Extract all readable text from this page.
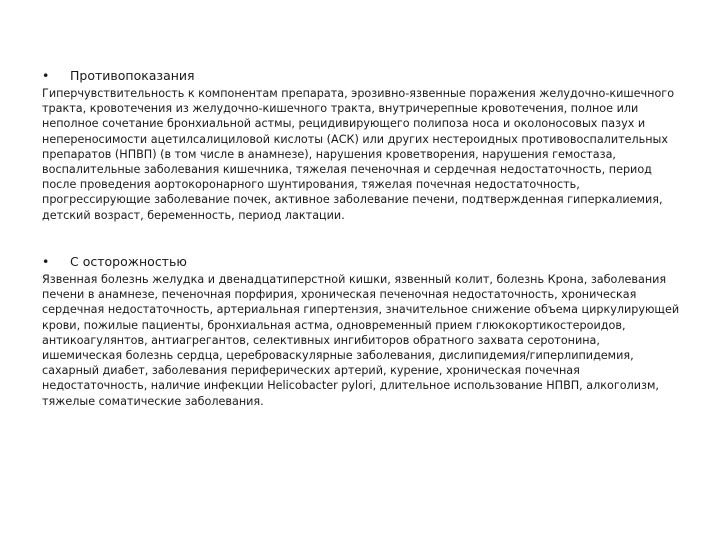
• Противопоказания

Гиперчувствительность к компонентам препарата, эрозивно-язвенные поражения желудочно-кишечного тракта, кровотечения из желудочно-кишечного тракта, внутричерепные кровотечения, полное или неполное сочетание бронхиальной астмы, рецидивирующего полипоза носа и околоносовых пазух и непереносимости ацетилсалициловой кислоты (АСК) или других нестероидных противовоспалительных препаратов (НПВП) (в том числе в анамнезе), нарушения кроветворения, нарушения гемостаза, воспалительные заболевания кишечника, тяжелая печеночная и сердечная недостаточность, период после проведения аортокоронарного шунтирования, тяжелая почечная недостаточность, прогрессирующие заболевание почек, активное заболевание печени, подтвержденная гиперкалиемия, детский возраст, беременность, период лактации.

• С осторожностью

Язвенная болезнь желудка и двенадцатиперстной кишки, язвенный колит, болезнь Крона, заболевания печени в анамнезе, печеночная порфирия, хроническая печеночная недостаточность, хроническая сердечная недостаточность, артериальная гипертензия, значительное снижение объема циркулирующей крови, пожилые пациенты, бронхиальная астма, одновременный прием глюкокортикостероидов, антикоагулянтов, антиагрегантов, селективных ингибиторов обратного захвата серотонина, ишемическая болезнь сердца, цереброваскулярные заболевания, дислипидемия/гиперлипидемия, сахарный диабет, заболевания периферических артерий, курение, хроническая почечная недостаточность, наличие инфекции Helicobacter pylori, длительное использование НПВП, алкоголизм, тяжелые соматические заболевания.
